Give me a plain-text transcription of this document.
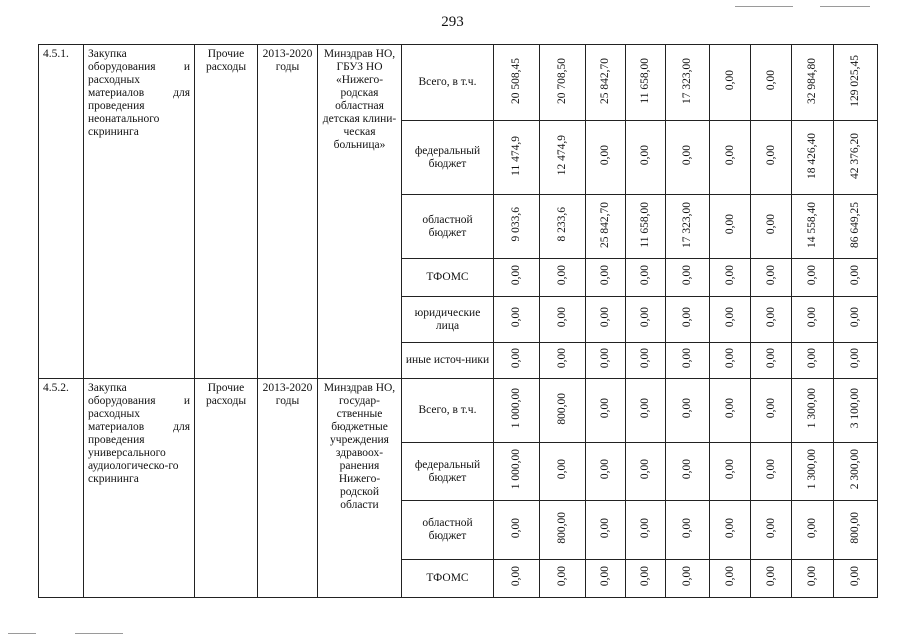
293
4.5.1.	Закупка оборудования и расходных материалов для проведения неонатального скрининга	Прочие расходы	2013-2020 годы	Минздрав НО, ГБУЗ НО «Нижего-родская областная детская клини-ческая больница»	Всего, в т.ч.	20 508,45	20 708,50	25 842,70	11 658,00	17 323,00	0,00	0,00	32 984,80	129 025,45
					федеральный бюджет	11 474,9	12 474,9	0,00	0,00	0,00	0,00	0,00	18 426,40	42 376,20
					областной бюджет	9 033,6	8 233,6	25 842,70	11 658,00	17 323,00	0,00	0,00	14 558,40	86 649,25
					ТФОМС	0,00	0,00	0,00	0,00	0,00	0,00	0,00	0,00	0,00
					юридические лица	0,00	0,00	0,00	0,00	0,00	0,00	0,00	0,00	0,00
					иные источ-ники	0,00	0,00	0,00	0,00	0,00	0,00	0,00	0,00	0,00
4.5.2.	Закупка оборудования и расходных материалов для проведения универсального аудиологическо-го скрининга	Прочие расходы	2013-2020 годы	Минздрав НО, государ-ственные бюджетные учреждения здравоох-ранения Нижего-родской области	Всего, в т.ч.	1 000,00	800,00	0,00	0,00	0,00	0,00	0,00	1 300,00	3 100,00
					федеральный бюджет	1 000,00	0,00	0,00	0,00	0,00	0,00	0,00	1 300,00	2 300,00
					областной бюджет	0,00	800,00	0,00	0,00	0,00	0,00	0,00	0,00	800,00
					ТФОМС	0,00	0,00	0,00	0,00	0,00	0,00	0,00	0,00	0,00
